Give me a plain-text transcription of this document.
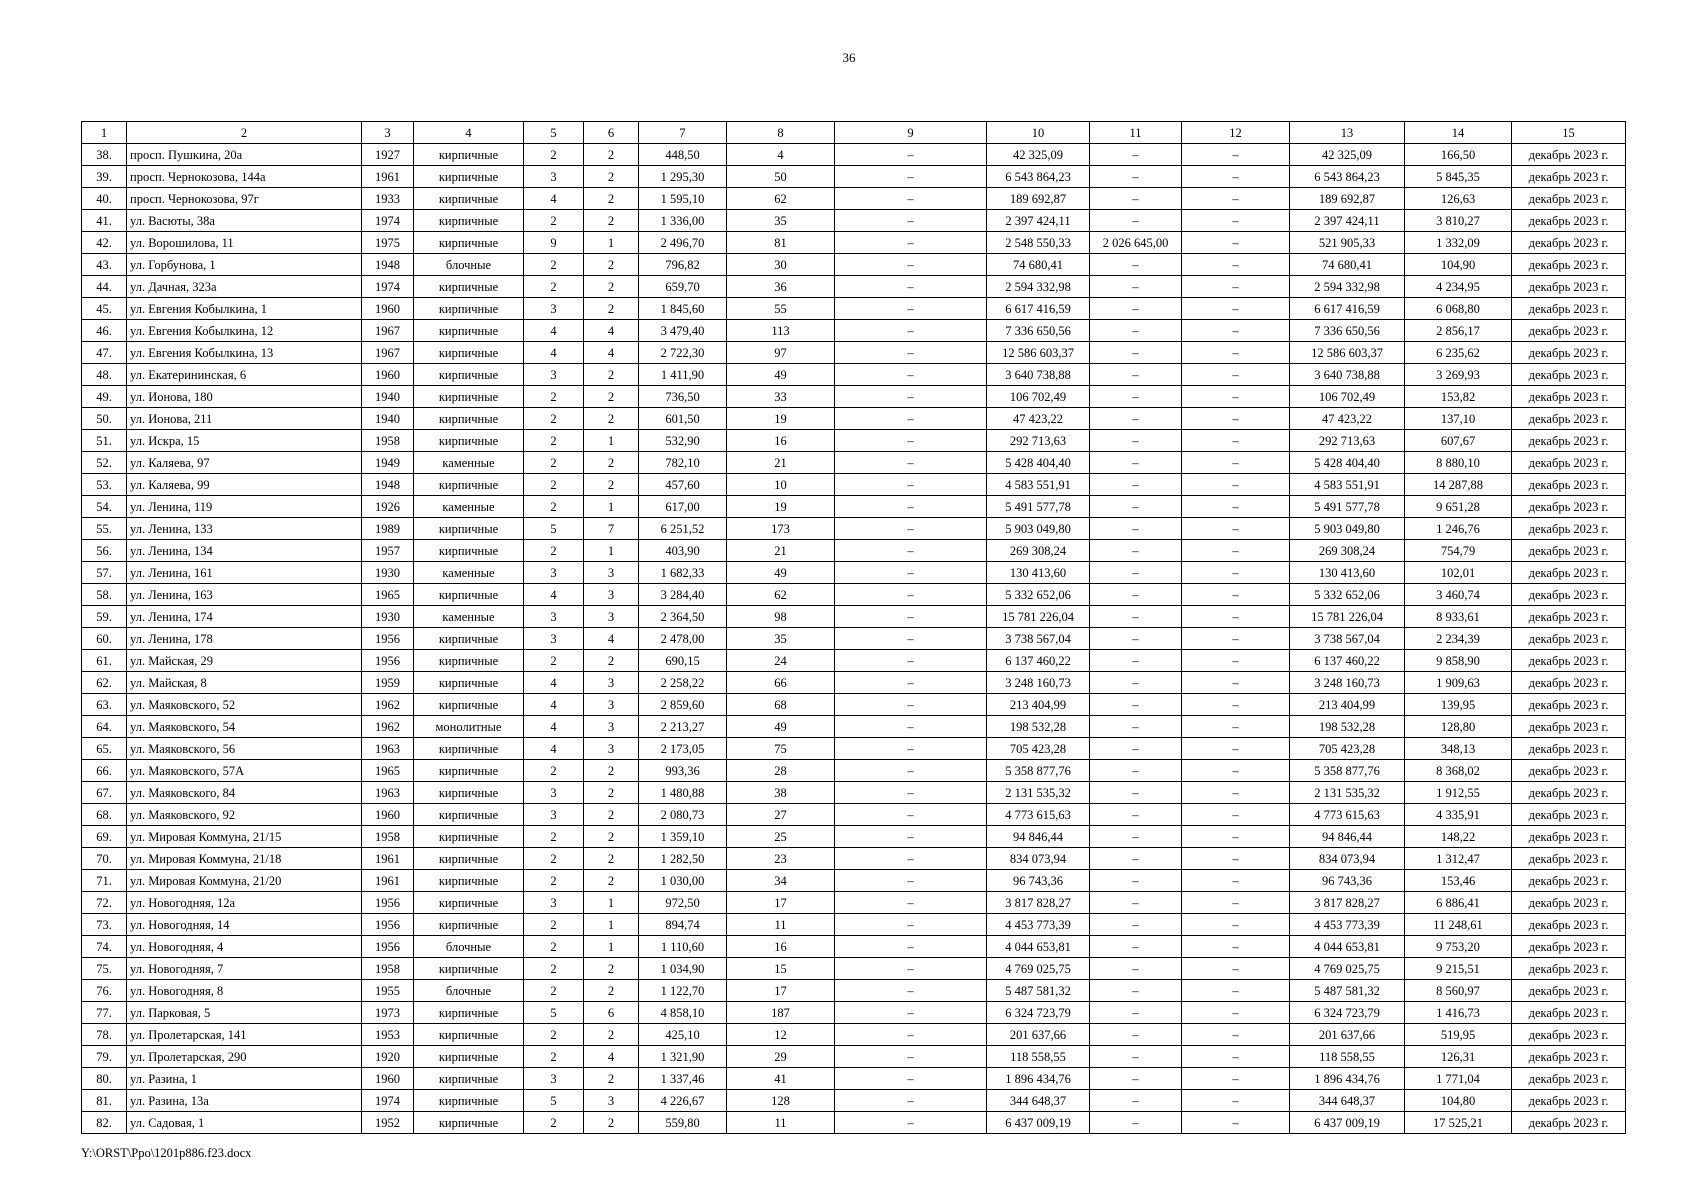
36
1	2	3	4	5	6	7	8	9	10	11	12	13	14	15
38.	просп. Пушкина, 20а	1927	кирпичные	2	2	448,50	4	–	42 325,09	–	–	42 325,09	166,50	декабрь 2023 г.
39.	просп. Чернокозова, 144а	1961	кирпичные	3	2	1 295,30	50	–	6 543 864,23	–	–	6 543 864,23	5 845,35	декабрь 2023 г.
40.	просп. Чернокозова, 97г	1933	кирпичные	4	2	1 595,10	62	–	189 692,87	–	–	189 692,87	126,63	декабрь 2023 г.
41.	ул. Васюты, 38а	1974	кирпичные	2	2	1 336,00	35	–	2 397 424,11	–	–	2 397 424,11	3 810,27	декабрь 2023 г.
42.	ул. Ворошилова, 11	1975	кирпичные	9	1	2 496,70	81	–	2 548 550,33	2 026 645,00	–	521 905,33	1 332,09	декабрь 2023 г.
43.	ул. Горбунова, 1	1948	блочные	2	2	796,82	30	–	74 680,41	–	–	74 680,41	104,90	декабрь 2023 г.
44.	ул. Дачная, 323а	1974	кирпичные	2	2	659,70	36	–	2 594 332,98	–	–	2 594 332,98	4 234,95	декабрь 2023 г.
45.	ул. Евгения Кобылкина, 1	1960	кирпичные	3	2	1 845,60	55	–	6 617 416,59	–	–	6 617 416,59	6 068,80	декабрь 2023 г.
46.	ул. Евгения Кобылкина, 12	1967	кирпичные	4	4	3 479,40	113	–	7 336 650,56	–	–	7 336 650,56	2 856,17	декабрь 2023 г.
47.	ул. Евгения Кобылкина, 13	1967	кирпичные	4	4	2 722,30	97	–	12 586 603,37	–	–	12 586 603,37	6 235,62	декабрь 2023 г.
48.	ул. Екатерининская, 6	1960	кирпичные	3	2	1 411,90	49	–	3 640 738,88	–	–	3 640 738,88	3 269,93	декабрь 2023 г.
49.	ул. Ионова, 180	1940	кирпичные	2	2	736,50	33	–	106 702,49	–	–	106 702,49	153,82	декабрь 2023 г.
50.	ул. Ионова, 211	1940	кирпичные	2	2	601,50	19	–	47 423,22	–	–	47 423,22	137,10	декабрь 2023 г.
51.	ул. Искра, 15	1958	кирпичные	2	1	532,90	16	–	292 713,63	–	–	292 713,63	607,67	декабрь 2023 г.
52.	ул. Каляева, 97	1949	каменные	2	2	782,10	21	–	5 428 404,40	–	–	5 428 404,40	8 880,10	декабрь 2023 г.
53.	ул. Каляева, 99	1948	кирпичные	2	2	457,60	10	–	4 583 551,91	–	–	4 583 551,91	14 287,88	декабрь 2023 г.
54.	ул. Ленина, 119	1926	каменные	2	1	617,00	19	–	5 491 577,78	–	–	5 491 577,78	9 651,28	декабрь 2023 г.
55.	ул. Ленина, 133	1989	кирпичные	5	7	6 251,52	173	–	5 903 049,80	–	–	5 903 049,80	1 246,76	декабрь 2023 г.
56.	ул. Ленина, 134	1957	кирпичные	2	1	403,90	21	–	269 308,24	–	–	269 308,24	754,79	декабрь 2023 г.
57.	ул. Ленина, 161	1930	каменные	3	3	1 682,33	49	–	130 413,60	–	–	130 413,60	102,01	декабрь 2023 г.
58.	ул. Ленина, 163	1965	кирпичные	4	3	3 284,40	62	–	5 332 652,06	–	–	5 332 652,06	3 460,74	декабрь 2023 г.
59.	ул. Ленина, 174	1930	каменные	3	3	2 364,50	98	–	15 781 226,04	–	–	15 781 226,04	8 933,61	декабрь 2023 г.
60.	ул. Ленина, 178	1956	кирпичные	3	4	2 478,00	35	–	3 738 567,04	–	–	3 738 567,04	2 234,39	декабрь 2023 г.
61.	ул. Майская, 29	1956	кирпичные	2	2	690,15	24	–	6 137 460,22	–	–	6 137 460,22	9 858,90	декабрь 2023 г.
62.	ул. Майская, 8	1959	кирпичные	4	3	2 258,22	66	–	3 248 160,73	–	–	3 248 160,73	1 909,63	декабрь 2023 г.
63.	ул. Маяковского, 52	1962	кирпичные	4	3	2 859,60	68	–	213 404,99	–	–	213 404,99	139,95	декабрь 2023 г.
64.	ул. Маяковского, 54	1962	монолитные	4	3	2 213,27	49	–	198 532,28	–	–	198 532,28	128,80	декабрь 2023 г.
65.	ул. Маяковского, 56	1963	кирпичные	4	3	2 173,05	75	–	705 423,28	–	–	705 423,28	348,13	декабрь 2023 г.
66.	ул. Маяковского, 57А	1965	кирпичные	2	2	993,36	28	–	5 358 877,76	–	–	5 358 877,76	8 368,02	декабрь 2023 г.
67.	ул. Маяковского, 84	1963	кирпичные	3	2	1 480,88	38	–	2 131 535,32	–	–	2 131 535,32	1 912,55	декабрь 2023 г.
68.	ул. Маяковского, 92	1960	кирпичные	3	2	2 080,73	27	–	4 773 615,63	–	–	4 773 615,63	4 335,91	декабрь 2023 г.
69.	ул. Мировая Коммуна, 21/15	1958	кирпичные	2	2	1 359,10	25	–	94 846,44	–	–	94 846,44	148,22	декабрь 2023 г.
70.	ул. Мировая Коммуна, 21/18	1961	кирпичные	2	2	1 282,50	23	–	834 073,94	–	–	834 073,94	1 312,47	декабрь 2023 г.
71.	ул. Мировая Коммуна, 21/20	1961	кирпичные	2	2	1 030,00	34	–	96 743,36	–	–	96 743,36	153,46	декабрь 2023 г.
72.	ул. Новогодняя, 12а	1956	кирпичные	3	1	972,50	17	–	3 817 828,27	–	–	3 817 828,27	6 886,41	декабрь 2023 г.
73.	ул. Новогодняя, 14	1956	кирпичные	2	1	894,74	11	–	4 453 773,39	–	–	4 453 773,39	11 248,61	декабрь 2023 г.
74.	ул. Новогодняя, 4	1956	блочные	2	1	1 110,60	16	–	4 044 653,81	–	–	4 044 653,81	9 753,20	декабрь 2023 г.
75.	ул. Новогодняя, 7	1958	кирпичные	2	2	1 034,90	15	–	4 769 025,75	–	–	4 769 025,75	9 215,51	декабрь 2023 г.
76.	ул. Новогодняя, 8	1955	блочные	2	2	1 122,70	17	–	5 487 581,32	–	–	5 487 581,32	8 560,97	декабрь 2023 г.
77.	ул. Парковая, 5	1973	кирпичные	5	6	4 858,10	187	–	6 324 723,79	–	–	6 324 723,79	1 416,73	декабрь 2023 г.
78.	ул. Пролетарская, 141	1953	кирпичные	2	2	425,10	12	–	201 637,66	–	–	201 637,66	519,95	декабрь 2023 г.
79.	ул. Пролетарская, 290	1920	кирпичные	2	4	1 321,90	29	–	118 558,55	–	–	118 558,55	126,31	декабрь 2023 г.
80.	ул. Разина, 1	1960	кирпичные	3	2	1 337,46	41	–	1 896 434,76	–	–	1 896 434,76	1 771,04	декабрь 2023 г.
81.	ул. Разина, 13а	1974	кирпичные	5	3	4 226,67	128	–	344 648,37	–	–	344 648,37	104,80	декабрь 2023 г.
82.	ул. Садовая, 1	1952	кирпичные	2	2	559,80	11	–	6 437 009,19	–	–	6 437 009,19	17 525,21	декабрь 2023 г.
Y:\ORST\Ppo\1201p886.f23.docx
